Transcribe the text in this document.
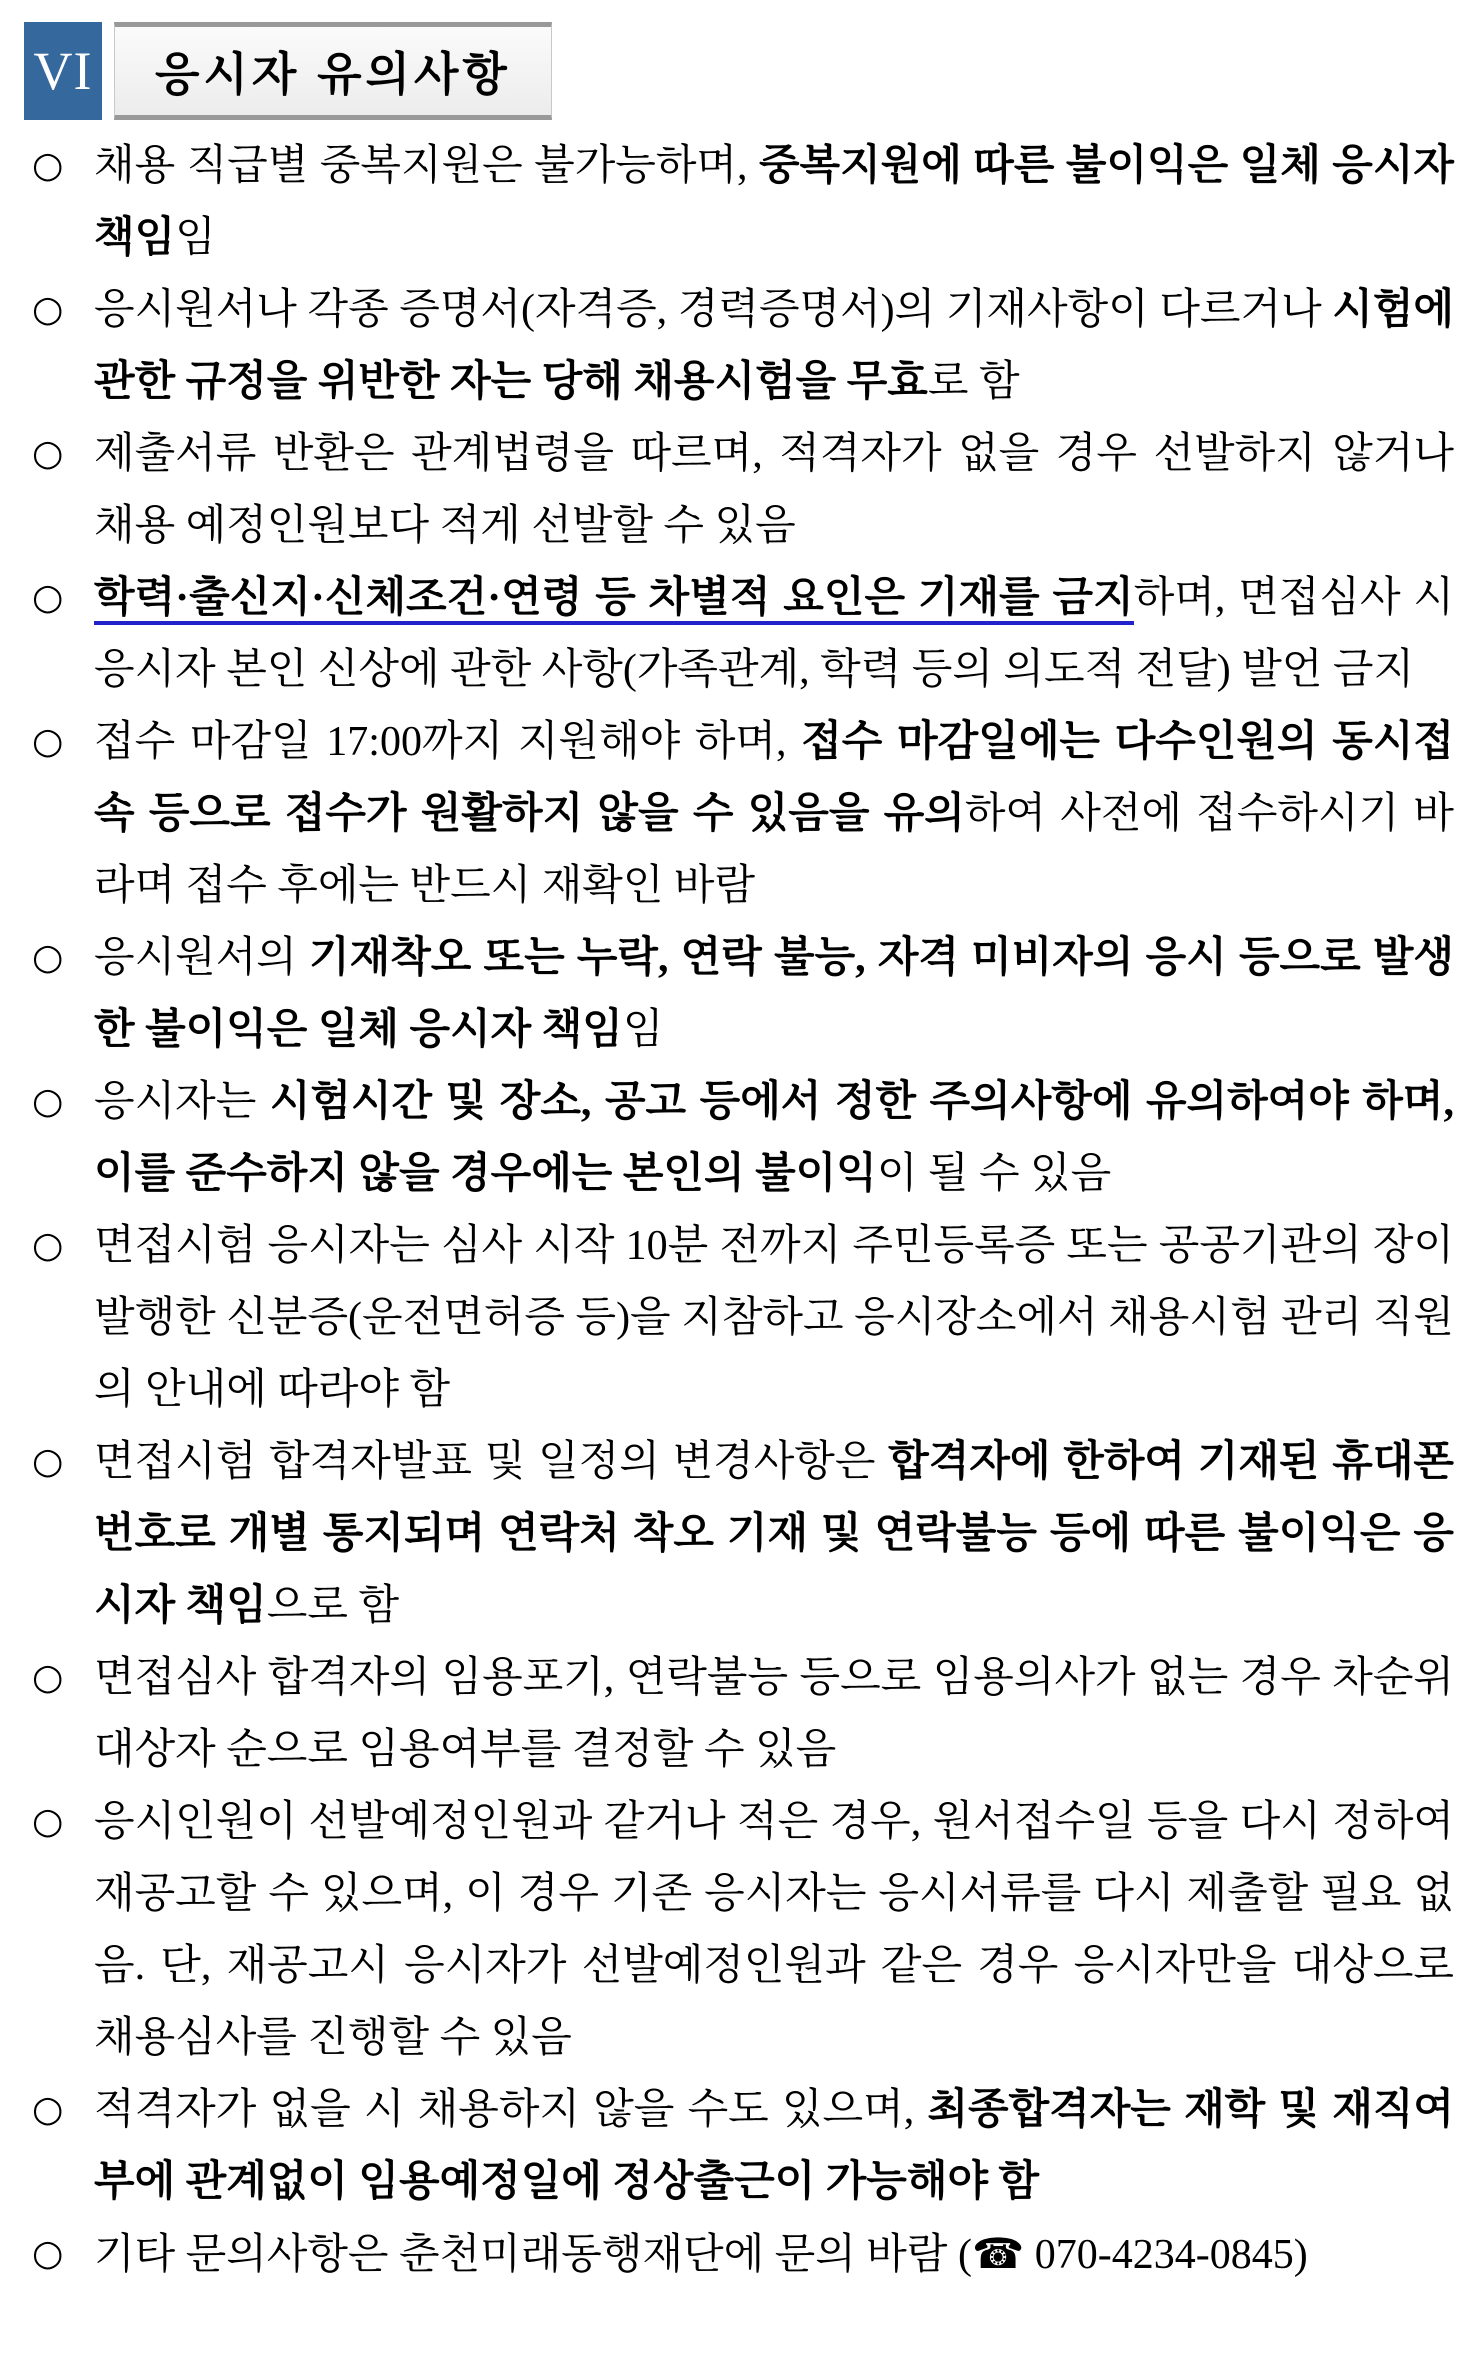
VI 응시자 유의사항
○ 채용 직급별 중복지원은 불가능하며, 중복지원에 따른 불이익은 일체 응시자 책임임

○ 응시원서나 각종 증명서(자격증, 경력증명서)의 기재사항이 다르거나 시험에 관한 규정을 위반한 자는 당해 채용시험을 무효로 함

○ 제출서류 반환은 관계법령을 따르며, 적격자가 없을 경우 선발하지 않거나 채용 예정인원보다 적게 선발할 수 있음

○ 학력·출신지·신체조건·연령 등 차별적 요인은 기재를 금지하며, 면접심사 시 응시자 본인 신상에 관한 사항(가족관계, 학력 등의 의도적 전달) 발언 금지

○ 접수 마감일 17:00까지 지원해야 하며, 접수 마감일에는 다수인원의 동시접속 등으로 접수가 원활하지 않을 수 있음을 유의하여 사전에 접수하시기 바라며 접수 후에는 반드시 재확인 바람

○ 응시원서의 기재착오 또는 누락, 연락 불능, 자격 미비자의 응시 등으로 발생한 불이익은 일체 응시자 책임임

○ 응시자는 시험시간 및 장소, 공고 등에서 정한 주의사항에 유의하여야 하며, 이를 준수하지 않을 경우에는 본인의 불이익이 될 수 있음

○ 면접시험 응시자는 심사 시작 10분 전까지 주민등록증 또는 공공기관의 장이 발행한 신분증(운전면허증 등)을 지참하고 응시장소에서 채용시험 관리 직원의 안내에 따라야 함

○ 면접시험 합격자발표 및 일정의 변경사항은 합격자에 한하여 기재된 휴대폰 번호로 개별 통지되며 연락처 착오 기재 및 연락불능 등에 따른 불이익은 응시자 책임으로 함

○ 면접심사 합격자의 임용포기, 연락불능 등으로 임용의사가 없는 경우 차순위 대상자 순으로 임용여부를 결정할 수 있음

○ 응시인원이 선발예정인원과 같거나 적은 경우, 원서접수일 등을 다시 정하여 재공고할 수 있으며, 이 경우 기존 응시자는 응시서류를 다시 제출할 필요 없음. 단, 재공고시 응시자가 선발예정인원과 같은 경우 응시자만을 대상으로 채용심사를 진행할 수 있음

○ 적격자가 없을 시 채용하지 않을 수도 있으며, 최종합격자는 재학 및 재직여부에 관계없이 임용예정일에 정상출근이 가능해야 함

○ 기타 문의사항은 춘천미래동행재단에 문의 바람 (☎ 070-4234-0845)
